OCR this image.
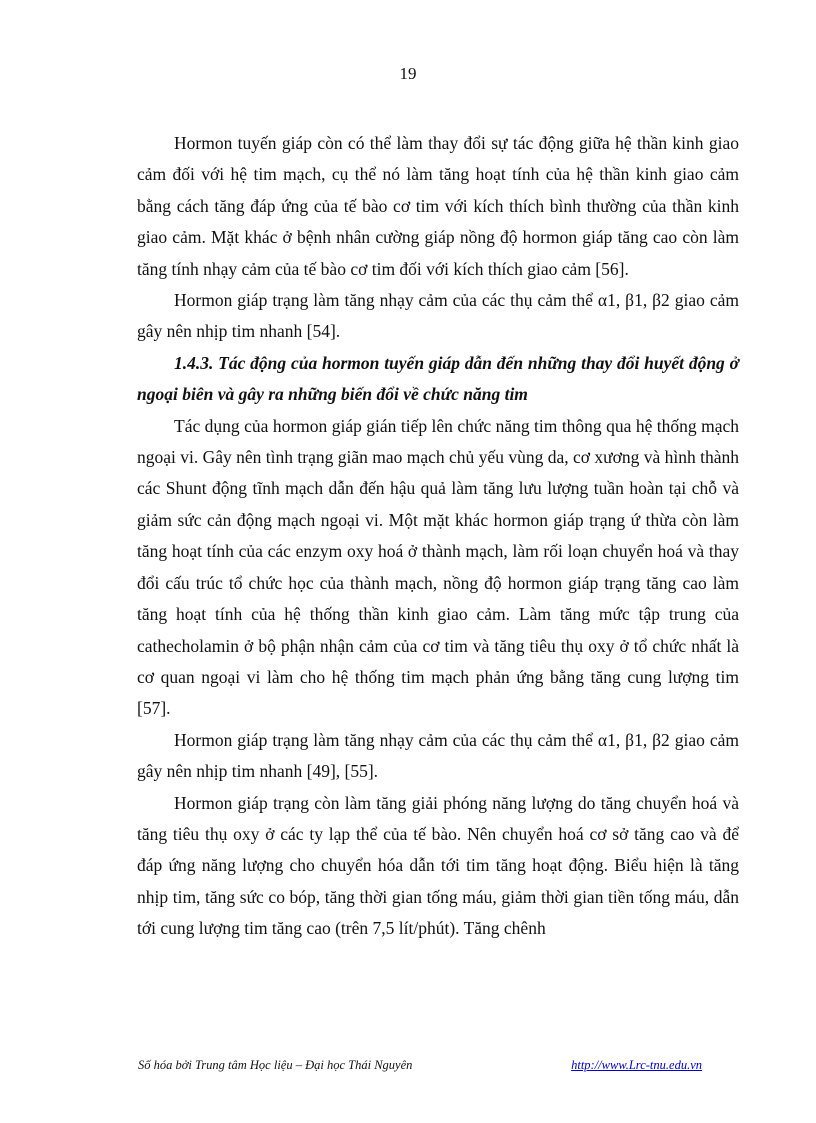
19

Hormon tuyến giáp còn có thể làm thay đổi sự tác động giữa hệ thần kinh giao cảm đối với hệ tim mạch, cụ thể nó làm tăng hoạt tính của hệ thần kinh giao cảm bằng cách tăng đáp ứng của tế bào cơ tim với kích thích bình thường của thần kinh giao cảm. Mặt khác ở bệnh nhân cường giáp nồng độ hormon giáp tăng cao còn làm tăng tính nhạy cảm của tế bào cơ tim đối với kích thích giao cảm [56].

Hormon giáp trạng làm tăng nhạy cảm của các thụ cảm thể α1, β1, β2 giao cảm gây nên nhịp tim nhanh [54].

1.4.3. Tác động của hormon tuyến giáp dẫn đến những thay đổi huyết động ở ngoại biên và gây ra những biến đổi về chức năng tim

Tác dụng của hormon giáp gián tiếp lên chức năng tim thông qua hệ thống mạch ngoại vi. Gây nên tình trạng giãn mao mạch chủ yếu vùng da, cơ xương và hình thành các Shunt động tĩnh mạch dẫn đến hậu quả làm tăng lưu lượng tuần hoàn tại chỗ và giảm sức cản động mạch ngoại vi. Một mặt khác hormon giáp trạng ứ thừa còn làm tăng hoạt tính của các enzym oxy hoá ở thành mạch, làm rối loạn chuyển hoá và thay đổi cấu trúc tổ chức học của thành mạch, nồng độ hormon giáp trạng tăng cao làm tăng hoạt tính của hệ thống thần kinh giao cảm. Làm tăng mức tập trung của cathecholamin ở bộ phận nhận cảm của cơ tim và tăng tiêu thụ oxy ở tổ chức nhất là cơ quan ngoại vi làm cho hệ thống tim mạch phản ứng bằng tăng cung lượng tim [57].

Hormon giáp trạng làm tăng nhạy cảm của các thụ cảm thể α1, β1, β2 giao cảm gây nên nhịp tim nhanh [49], [55].

Hormon giáp trạng còn làm tăng giải phóng năng lượng do tăng chuyển hoá và tăng tiêu thụ oxy ở các ty lạp thể của tế bào. Nên chuyển hoá cơ sở tăng cao và để đáp ứng năng lượng cho chuyển hóa dẫn tới tim tăng hoạt động. Biểu hiện là tăng nhịp tim, tăng sức co bóp, tăng thời gian tống máu, giảm thời gian tiền tống máu, dẫn tới cung lượng tim tăng cao (trên 7,5 lít/phút). Tăng chênh

Số hóa bởi Trung tâm Học liệu – Đại học Thái Nguyên	http://www.Lrc-tnu.edu.vn
